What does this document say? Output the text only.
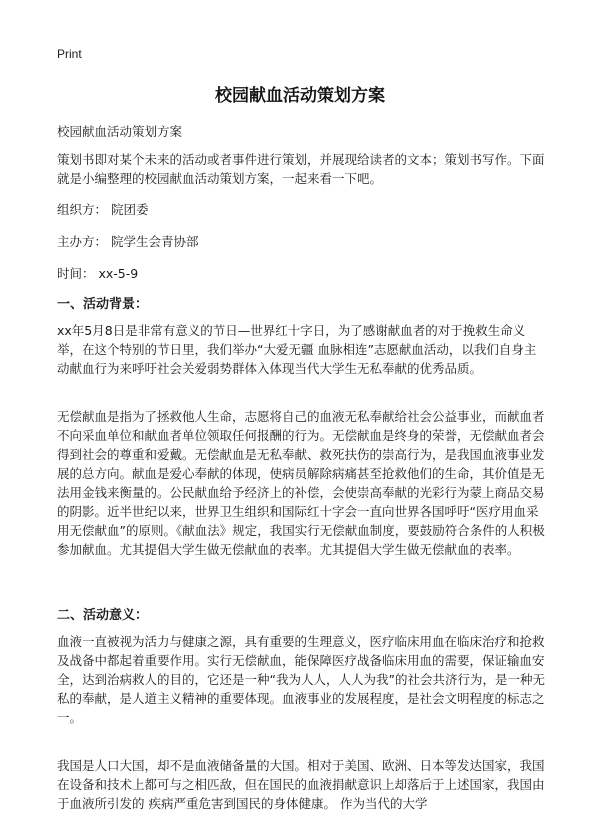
Print
校园献血活动策划方案

校园献血活动策划方案

策划书即对某个未来的活动或者事件进行策划，并展现给读者的文本；策划书写作。下面就是小编整理的校园献血活动策划方案，一起来看一下吧。

组织方： 院团委

主办方： 院学生会青协部

时间： xx-5-9

一、活动背景：

xx年5月8日是非常有意义的节日—世界红十字日，为了感谢献血者的对于挽救生命义举，在这个特别的节日里，我们举办“大爱无疆 血脉相连”志愿献血活动，以我们自身主动献血行为来呼吁社会关爱弱势群体入体现当代大学生无私奉献的优秀品质。

无偿献血是指为了拯救他人生命，志愿将自己的血液无私奉献给社会公益事业，而献血者不向采血单位和献血者单位领取任何报酬的行为。无偿献血是终身的荣誉，无偿献血者会得到社会的尊重和爱戴。无偿献血是无私奉献、救死扶伤的崇高行为，是我国血液事业发展的总方向。献血是爱心奉献的体现，使病员解除病痛甚至抢救他们的生命，其价值是无法用金钱来衡量的。公民献血给予经济上的补偿，会使崇高奉献的光彩行为蒙上商品交易的阴影。近半世纪以来，世界卫生组织和国际红十字会一直向世界各国呼吁“医疗用血采用无偿献血”的原则。《献血法》规定，我国实行无偿献血制度，要鼓励符合条件的人积极参加献血。尤其提倡大学生做无偿献血的表率。尤其提倡大学生做无偿献血的表率。

二、活动意义：

血液一直被视为活力与健康之源，具有重要的生理意义，医疗临床用血在临床治疗和抢救及战备中都起着重要作用。实行无偿献血，能保障医疗战备临床用血的需要，保证输血安全，达到治病救人的目的，它还是一种“我为人人，人人为我”的社会共济行为，是一种无私的奉献，是人道主义精神的重要体现。血液事业的发展程度，是社会文明程度的标志之一。

我国是人口大国，却不是血液储备量的大国。相对于美国、欧洲、日本等发达国家，我国在设备和技术上都可与之相匹敌，但在国民的血液捐献意识上却落后于上述国家，我国由于血液所引发的 疾病严重危害到国民的身体健康。 作为当代的大学
